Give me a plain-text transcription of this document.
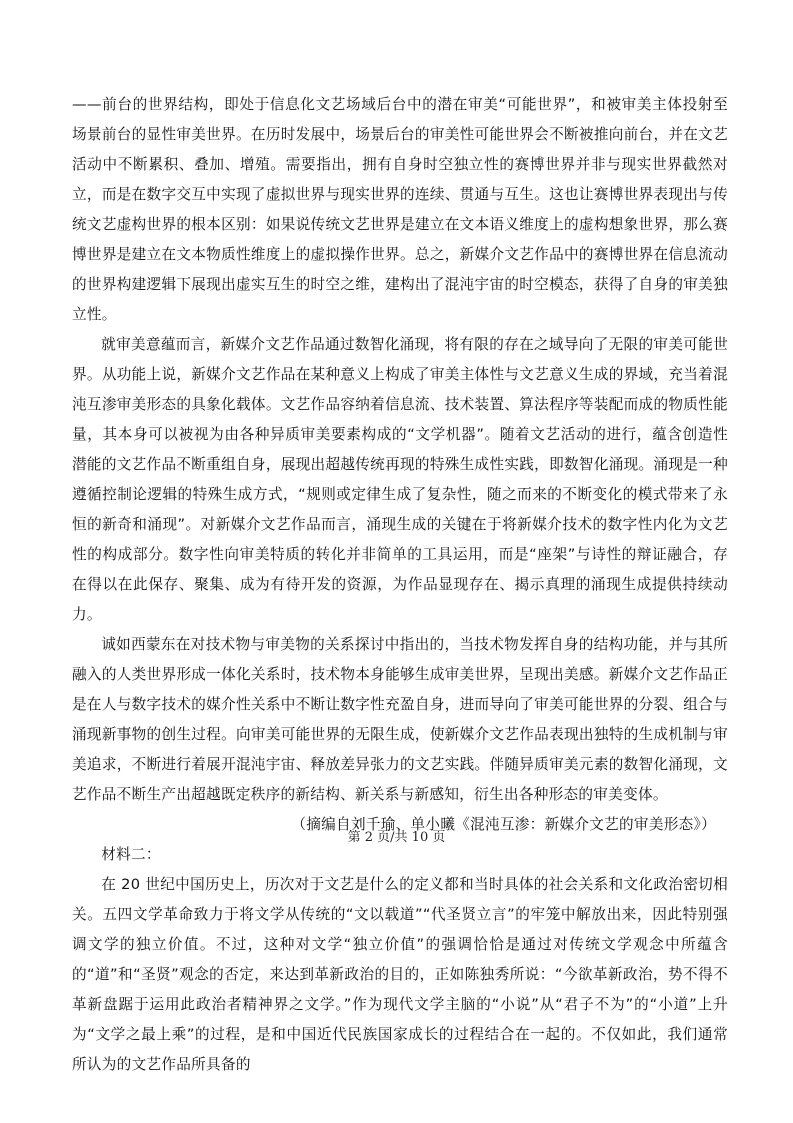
——前台的世界结构，即处于信息化文艺场域后台中的潜在审美“可能世界”，和被审美主体投射至场景前台的显性审美世界。在历时发展中，场景后台的审美性可能世界会不断被推向前台，并在文艺活动中不断累积、叠加、增殖。需要指出，拥有自身时空独立性的赛博世界并非与现实世界截然对立，而是在数字交互中实现了虚拟世界与现实世界的连续、贯通与互生。这也让赛博世界表现出与传统文艺虚构世界的根本区别：如果说传统文艺世界是建立在文本语义维度上的虚构想象世界，那么赛博世界是建立在文本物质性维度上的虚拟操作世界。总之，新媒介文艺作品中的赛博世界在信息流动的世界构建逻辑下展现出虚实互生的时空之维，建构出了混沌宇宙的时空模态，获得了自身的审美独立性。

就审美意蕴而言，新媒介文艺作品通过数智化涌现，将有限的存在之域导向了无限的审美可能世界。从功能上说，新媒介文艺作品在某种意义上构成了审美主体性与文艺意义生成的界域，充当着混沌互渗审美形态的具象化载体。文艺作品容纳着信息流、技术装置、算法程序等装配而成的物质性能量，其本身可以被视为由各种异质审美要素构成的“文学机器”。随着文艺活动的进行，蕴含创造性潜能的文艺作品不断重组自身，展现出超越传统再现的特殊生成性实践，即数智化涌现。涌现是一种遵循控制论逻辑的特殊生成方式，“规则或定律生成了复杂性，随之而来的不断变化的模式带来了永恒的新奇和涌现”。对新媒介文艺作品而言，涌现生成的关键在于将新媒介技术的数字性内化为文艺性的构成部分。数字性向审美特质的转化并非简单的工具运用，而是“座架”与诗性的辩证融合，存在得以在此保存、聚集、成为有待开发的资源，为作品显现存在、揭示真理的涌现生成提供持续动力。

诚如西蒙东在对技术物与审美物的关系探讨中指出的，当技术物发挥自身的结构功能，并与其所融入的人类世界形成一体化关系时，技术物本身能够生成审美世界，呈现出美感。新媒介文艺作品正是在人与数字技术的媒介性关系中不断让数字性充盈自身，进而导向了审美可能世界的分裂、组合与涌现新事物的创生过程。向审美可能世界的无限生成，使新媒介文艺作品表现出独特的生成机制与审美追求，不断进行着展开混沌宇宙、释放差异张力的文艺实践。伴随异质审美元素的数智化涌现，文艺作品不断生产出超越既定秩序的新结构、新关系与新感知，衍生出各种形态的审美变体。

（摘编自刘千瑜、单小曦《混沌互渗：新媒介文艺的审美形态》）

材料二：

在 20 世纪中国历史上，历次对于文艺是什么的定义都和当时具体的社会关系和文化政治密切相关。五四文学革命致力于将文学从传统的“文以载道”“代圣贤立言”的牢笼中解放出来，因此特别强调文学的独立价值。不过，这种对文学“独立价值”的强调恰恰是通过对传统文学观念中所蕴含的“道”和“圣贤”观念的否定，来达到革新政治的目的，正如陈独秀所说：“今欲革新政治，势不得不革新盘踞于运用此政治者精神界之文学。”作为现代文学主脑的“小说”从“君子不为”的“小道”上升为“文学之最上乘”的过程，是和中国近代民族国家成长的过程结合在一起的。不仅如此，我们通常所认为的文艺作品所具备的

第 2 页/共 10 页
